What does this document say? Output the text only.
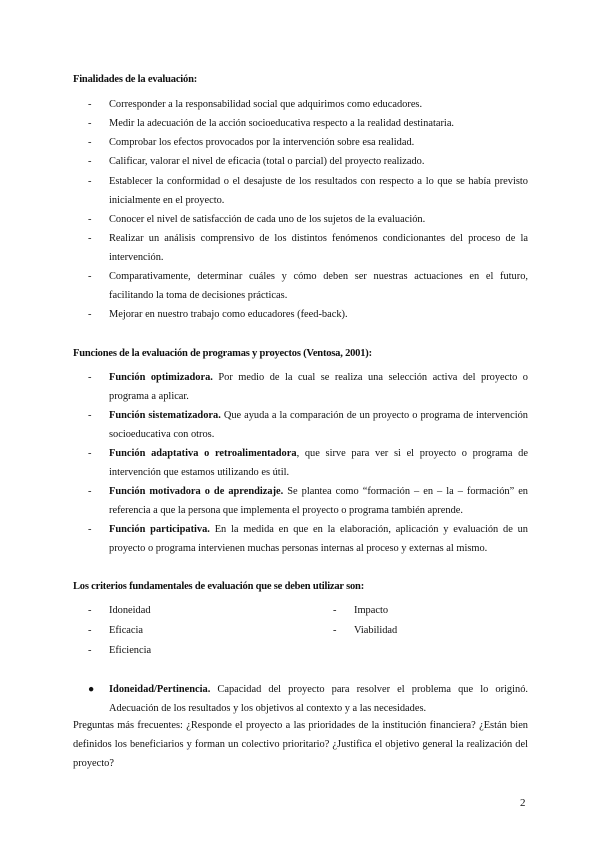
Finalidades de la evaluación:
-	Corresponder a la responsabilidad social que adquirimos como educadores.
-	Medir la adecuación de la acción socioeducativa respecto a la realidad destinataria.
-	Comprobar los efectos provocados por la intervención sobre esa realidad.
-	Calificar, valorar el nivel de eficacia (total o parcial) del proyecto realizado.
-	Establecer la conformidad o el desajuste de los resultados con respecto a lo que se había previsto inicialmente en el proyecto.
-	Conocer el nivel de satisfacción de cada uno de los sujetos de la evaluación.
-	Realizar un análisis comprensivo de los distintos fenómenos condicionantes del proceso de la intervención.
-	Comparativamente, determinar cuáles y cómo deben ser nuestras actuaciones en el futuro, facilitando la toma de decisiones prácticas.
-	Mejorar en nuestro trabajo como educadores (feed-back).
Funciones de la evaluación de programas y proyectos (Ventosa, 2001):
-	Función optimizadora. Por medio de la cual se realiza una selección activa del proyecto o programa a aplicar.
-	Función sistematizadora. Que ayuda a la comparación de un proyecto o programa de intervención socioeducativa con otros.
-	Función adaptativa o retroalimentadora, que sirve para ver si el proyecto o programa de intervención que estamos utilizando es útil.
-	Función motivadora o de aprendizaje. Se plantea como “formación – en – la – formación” en referencia a que la persona que implementa el proyecto o programa también aprende.
-	Función participativa. En la medida en que en la elaboración, aplicación y evaluación de un proyecto o programa intervienen muchas personas internas al proceso y externas al mismo.
Los criterios fundamentales de evaluación que se deben utilizar son:
- Idoneidad
- Eficacia
- Eficiencia
- Impacto
- Viabilidad
● Idoneidad/Pertinencia. Capacidad del proyecto para resolver el problema que lo originó. Adecuación de los resultados y los objetivos al contexto y a las necesidades.
Preguntas más frecuentes: ¿Responde el proyecto a las prioridades de la institución financiera? ¿Están bien definidos los beneficiarios y forman un colectivo prioritario? ¿Justifica el objetivo general la realización del proyecto?
2
